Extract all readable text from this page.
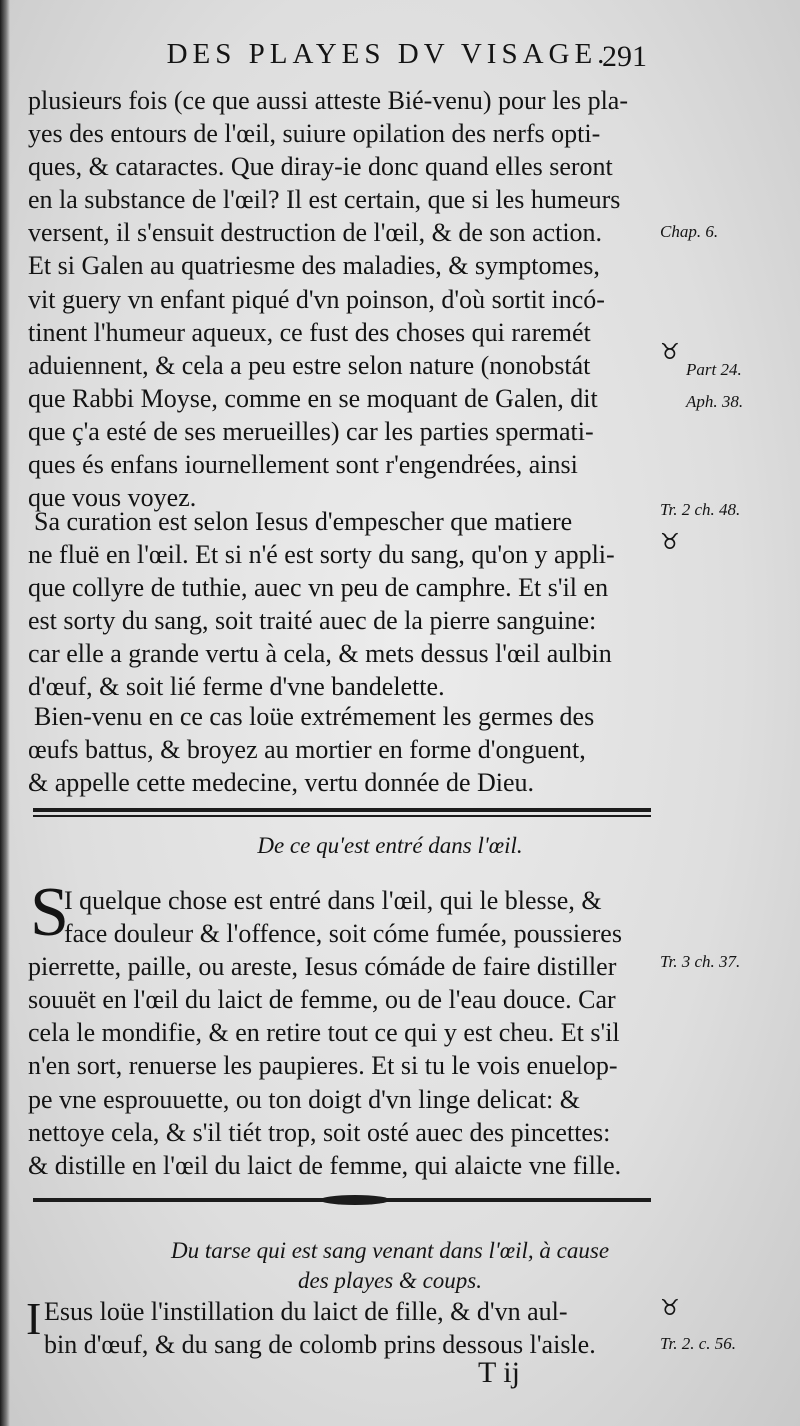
DES PLAYES DV VISAGE.
291
plusieurs fois (ce que aussi atteste Bié-venu) pour les pla-
yes des entours de l'œil, suiure opilation des nerfs opti-
ques, & cataractes. Que diray-ie donc quand elles seront
en la substance de l'œil? Il est certain, que si les humeurs
versent, il s'ensuit destruction de l'œil, & de son action.
Et si Galen au quatriesme des maladies, & symptomes,
vit guery vn enfant piqué d'vn poinson, d'où sortit incó-
tinent l'humeur aqueux, ce fust des choses qui raremét
aduiennent, & cela a peu estre selon nature (nonobstát
que Rabbi Moyse, comme en se moquant de Galen, dit
que ç'a esté de ses merueilles) car les parties spermati-
ques és enfans iournellement sont r'engendrées, ainsi
que vous voyez.
Sa curation est selon Iesus d'empescher que matiere
ne fluë en l'œil. Et si n'é est sorty du sang, qu'on y appli-
que collyre de tuthie, auec vn peu de camphre. Et s'il en
est sorty du sang, soit traité auec de la pierre sanguine:
car elle a grande vertu à cela, & mets dessus l'œil aulbin
d'œuf, & soit lié ferme d'vne bandelette.
Bien-venu en ce cas loüe extrémement les germes des
œufs battus, & broyez au mortier en forme d'onguent,
& appelle cette medecine, vertu donnée de Dieu.
De ce qu'est entré dans l'œil.
S
I quelque chose est entré dans l'œil, qui le blesse, &
face douleur & l'offence, soit cóme fumée, poussieres
pierrette, paille, ou areste, Iesus cómáde de faire distiller
souuët en l'œil du laict de femme, ou de l'eau douce. Car
cela le mondifie, & en retire tout ce qui y est cheu. Et s'il
n'en sort, renuerse les paupieres. Et si tu le vois enuelop-
pe vne esprouuette, ou ton doigt d'vn linge delicat: &
nettoye cela, & s'il tiét trop, soit osté auec des pincettes:
& distille en l'œil du laict de femme, qui alaicte vne fille.
Du tarse qui est sang venant dans l'œil, à cause
des playes & coups.
I Esus loüe l'instillation du laict de fille, & d'vn aul-
bin d'œuf, & du sang de colomb prins dessous l'aisle.
T ij
Chap. 6.
♉︎
Part 24.
Aph. 38.
Tr. 2 ch. 48.
♉︎
Tr. 3 ch. 37.
♉︎
Tr. 2. c. 56.
